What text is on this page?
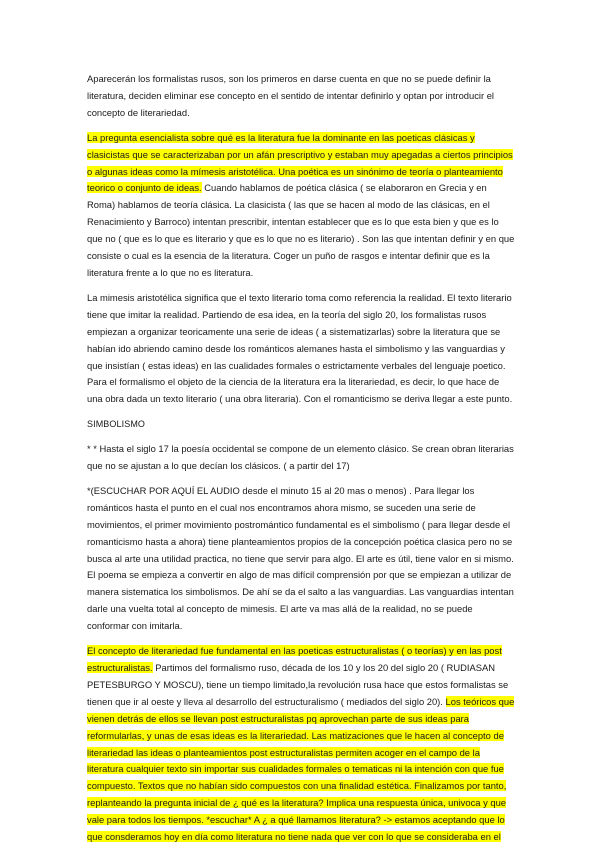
Aparecerán los formalistas rusos, son los primeros en darse cuenta en que no se puede definir la literatura, deciden eliminar ese concepto en el sentido de intentar definirlo y optan por introducir el concepto de literariedad.

La pregunta esencialista sobre qué es la literatura fue la dominante en las poeticas clásicas y clasicistas que se caracterizaban por un afán prescriptivo y estaban muy apegadas a ciertos principios o algunas ideas como la mímesis aristotélica. Una poética es un sinónimo de teoría o planteamiento teorico o conjunto de ideas. Cuando hablamos de poética clásica ( se elaboraron en Grecia y en Roma) hablamos de teoría clásica. La clasicista ( las que se hacen al modo de las clásicas, en el Renacimiento y Barroco) intentan prescribir, intentan establecer que es lo que esta bien y que es lo que no ( que es lo que es literario y que es lo que no es literario) . Son las que intentan definir y en que consiste o cual es la esencia de la literatura. Coger un puño de rasgos e intentar definir que es la literatura frente a lo que no es literatura.

La mimesis aristotélica significa que el texto literario toma como referencia la realidad. El texto literario tiene que imitar la realidad. Partiendo de esa idea, en la teoría del siglo 20, los formalistas rusos empiezan a organizar teoricamente una serie de ideas ( a sistematizarlas) sobre la literatura que se habían ido abriendo camino desde los románticos alemanes hasta el simbolismo y las vanguardias y que insistían ( estas ideas) en las cualidades formales o estrictamente verbales del lenguaje poetico. Para el formalismo el objeto de la ciencia de la literatura era la literariedad, es decir, lo que hace de una obra dada un texto literario ( una obra literaria). Con el romanticismo se deriva llegar a este punto.

SIMBOLISMO

* * Hasta el siglo 17 la poesía occidental se compone de un elemento clásico. Se crean obran literarias que no se ajustan a lo que decían los clásicos. ( a partir del 17)

*(ESCUCHAR POR AQUÍ EL AUDIO desde el minuto 15 al 20 mas o menos) . Para llegar los románticos hasta el punto en el cual nos encontramos ahora mismo, se suceden una serie de movimientos, el primer movimiento postromántico fundamental es el simbolismo ( para llegar desde el romanticismo hasta a ahora) tiene planteamientos propios de la concepción poética clasica pero no se busca al arte una utilidad practica, no tiene que servir para algo. El arte es útil, tiene valor en si mismo. El poema se empieza a convertir en algo de mas difícil comprensión por que se empiezan a utilizar de manera sistematica los simbolismos. De ahí se da el salto a las vanguardias. Las vanguardias intentan darle una vuelta total al concepto de mimesis. El arte va mas allá de la realidad, no se puede conformar con imitarla.

El concepto de literariedad fue fundamental en las poeticas estructuralistas ( o teorías) y en las post estructuralistas. Partimos del formalismo ruso, década de los 10 y los 20 del siglo 20 ( RUDIASAN PETESBURGO Y MOSCU), tiene un tiempo limitado,la revolución rusa hace que estos formalistas se tienen que ir al oeste y lleva al desarrollo del estructuralismo ( mediados del siglo 20). Los teóricos que vienen detrás de ellos se llevan post estructuralistas pq aprovechan parte de sus ideas para reformularlas, y unas de esas ideas es la literariedad. Las matizaciones que le hacen al concepto de literariedad las ideas o planteamientos post estructuralistas permiten acoger en el campo de la literatura cualquier texto sin importar sus cualidades formales o tematicas ni la intención con que fue compuesto. Textos que no habían sido compuestos con una finalidad estética. Finalizamos por tanto, replanteando la pregunta inicial de ¿ qué es la literatura? Implica una respuesta única, univoca y que vale para todos los tiempos. *escuchar* A ¿ a qué llamamos literatura? -> estamos aceptando que lo que consderamos hoy en día como literatura no tiene nada que ver con lo que se consideraba en el
